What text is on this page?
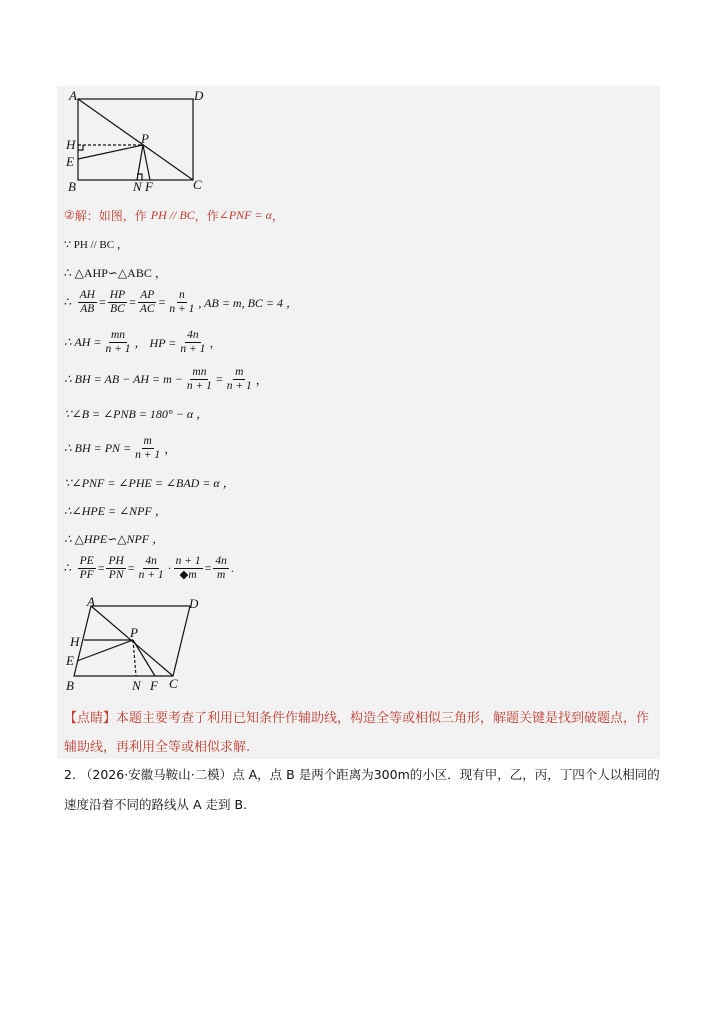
A	D
H	P
E
B	N F	C
② 解：如图，作 PH // BC ，作 ∠PNF = α ，
∵ PH // BC ，
∴ △AHP∽△ABC ，
∴ $\frac{AH}{AB} = \frac{HP}{BC} = \frac{AP}{AC} = \frac{n}{n + 1}$ , AB = m, BC = 4 ，
∴ AH = $\frac{mn}{n + 1}$ ， HP = $\frac{4n}{n + 1}$ ，
∴ BH = AB − AH = $m - \frac{mn}{n + 1} = \frac{m}{n + 1}$ ，
∵∠B = ∠PNB = 180° − α ，
∴ BH = PN = $\frac{m}{n + 1}$ ，
∵∠PNF = ∠PHE = ∠BAD = α ，
∴∠HPE = ∠NPF ，
∴ △HPE∽△NPF ，
∴ $\frac{PE}{PF} = \frac{PH}{PN} = \frac{4n}{n + 1} \cdot \frac{n + 1}{◆m} = \frac{4n}{m}$ .
A	D
H
P
E
B	N F C
【点睛】本题主要考查了利用已知条件作辅助线，构造全等或相似三角形，解题关键是找到破题点，作辅助线，再利用全等或相似求解.
2. （2026·安徽马鞍山·二模）点 A，点 B 是两个距离为300m的小区．现有甲，乙，丙，丁四个人以相同的速度沿着不同的路线从 A 走到 B.
